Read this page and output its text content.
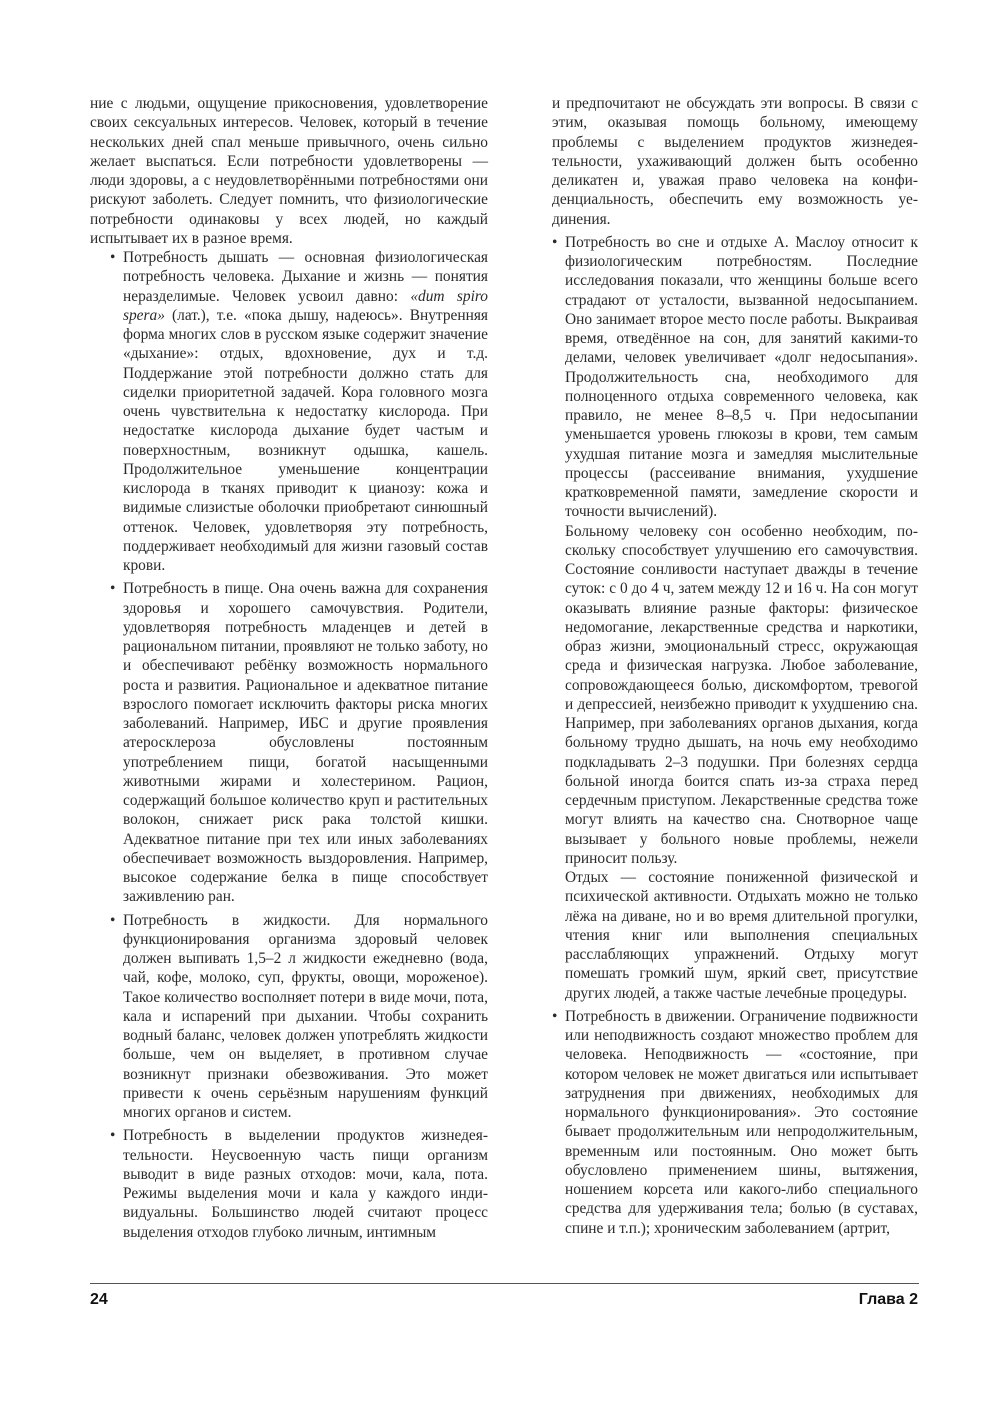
ние с людьми, ощущение прикосновения, удовлетворение своих сексуальных интересов. Человек, который в течение нескольких дней спал меньше привычного, очень сильно желает выспаться. Если потребности удовлетворены — люди здоровы, а с неудовлетворёнными потребностями они рискуют заболеть. Следует помнить, что физиологические потребности одинаковы у всех людей, но каждый испытывает их в разное время.

• Потребность дышать — основная физиологическая потребность человека. Дыхание и жизнь — понятия неразделимые. Человек усвоил давно: «dum spiro spera» (лат.), т.е. «пока дышу, надеюсь». Внутренняя форма многих слов в русском языке содержит значение «дыхание»: отдых, вдохновение, дух и т.д. Поддержание этой потребности должно стать для сиделки приоритетной задачей. Кора головного мозга очень чувствительна к недостатку кислорода. При недостатке кислорода дыхание будет частым и поверхностным, возникнут одышка, кашель. Продолжительное уменьшение концентрации кислорода в тканях приводит к цианозу: кожа и видимые слизистые оболочки приобретают синюшный оттенок. Человек, удовлетворяя эту потребность, поддерживает необходимый для жизни газовый состав крови.
• Потребность в пище. Она очень важна для сохранения здоровья и хорошего самочувствия. Родители, удовлетворяя потребность младенцев и детей в рациональном питании, проявляют не только заботу, но и обеспечивают ребёнку возможность нормального роста и развития. Рациональное и адекватное питание взрослого помогает исключить факторы риска многих заболеваний. Например, ИБС и другие проявления атеросклероза обусловлены постоянным употреблением пищи, богатой насыщенными животными жирами и холестерином. Рацион, содержащий большое количество круп и растительных волокон, снижает риск рака толстой кишки. Адекватное питание при тех или иных заболеваниях обеспечивает возможность выздоровления. Например, высокое содержание белка в пище способствует заживлению ран.
• Потребность в жидкости. Для нормального функционирования организма здоровый человек должен выпивать 1,5–2 л жидкости ежедневно (вода, чай, кофе, молоко, суп, фрукты, овощи, мороженое). Такое количество восполняет потери в виде мочи, пота, кала и испарений при дыхании. Чтобы сохранить водный баланс, человек должен употреблять жидкости больше, чем он выделяет, в противном случае возникнут признаки обезвоживания. Это может привести к очень серьёзным нарушениям функций многих органов и систем.
• Потребность в выделении продуктов жизнедеятельности. Неусвоенную часть пищи организм выводит в виде разных отходов: мочи, кала, пота. Режимы выделения мочи и кала у каждого индивидуальны. Большинство людей считают процесс выделения отходов глубоко личным, интимным

и предпочитают не обсуждать эти вопросы. В связи с этим, оказывая помощь больному, имеющему проблемы с выделением продуктов жизнедеятельности, ухаживающий должен быть особенно деликатен и, уважая право человека на конфиденциальность, обеспечить ему возможность уединения.

• Потребность во сне и отдыхе А. Маслоу относит к физиологическим потребностям. Последние исследования показали, что женщины больше всего страдают от усталости, вызванной недосыпанием. Оно занимает второе место после работы. Выкраивая время, отведённое на сон, для занятий какими-то делами, человек увеличивает «долг недосыпания». Продолжительность сна, необходимого для полноценного отдыха современного человека, как правило, не менее 8–8,5 ч. При недосыпании уменьшается уровень глюкозы в крови, тем самым ухудшая питание мозга и замедляя мыслительные процессы (рассеивание внимания, ухудшение кратковременной памяти, замедление скорости и точности вычислений).

Больному человеку сон особенно необходим, поскольку способствует улучшению его самочувствия. Состояние сонливости наступает дважды в течение суток: с 0 до 4 ч, затем между 12 и 16 ч. На сон могут оказывать влияние разные факторы: физическое недомогание, лекарственные средства и наркотики, образ жизни, эмоциональный стресс, окружающая среда и физическая нагрузка. Любое заболевание, сопровождающееся болью, дискомфортом, тревогой и депрессией, неизбежно приводит к ухудшению сна. Например, при заболеваниях органов дыхания, когда больному трудно дышать, на ночь ему необходимо подкладывать 2–3 подушки. При болезнях сердца больной иногда боится спать из-за страха перед сердечным приступом. Лекарственные средства тоже могут влиять на качество сна. Снотворное чаще вызывает у больного новые проблемы, нежели приносит пользу.

Отдых — состояние пониженной физической и психической активности. Отдыхать можно не только лёжа на диване, но и во время длительной прогулки, чтения книг или выполнения специальных расслабляющих упражнений. Отдыху могут помешать громкий шум, яркий свет, присутствие других людей, а также частые лечебные процедуры.

• Потребность в движении. Ограничение подвижности или неподвижность создают множество проблем для человека. Неподвижность — «состояние, при котором человек не может двигаться или испытывает затруднения при движениях, необходимых для нормального функционирования». Это состояние бывает продолжительным или непродолжительным, временным или постоянным. Оно может быть обусловлено применением шины, вытяжения, ношением корсета или какого-либо специального средства для удерживания тела; болью (в суставах, спине и т.п.); хроническим заболеванием (артрит,
24	Глава 2
